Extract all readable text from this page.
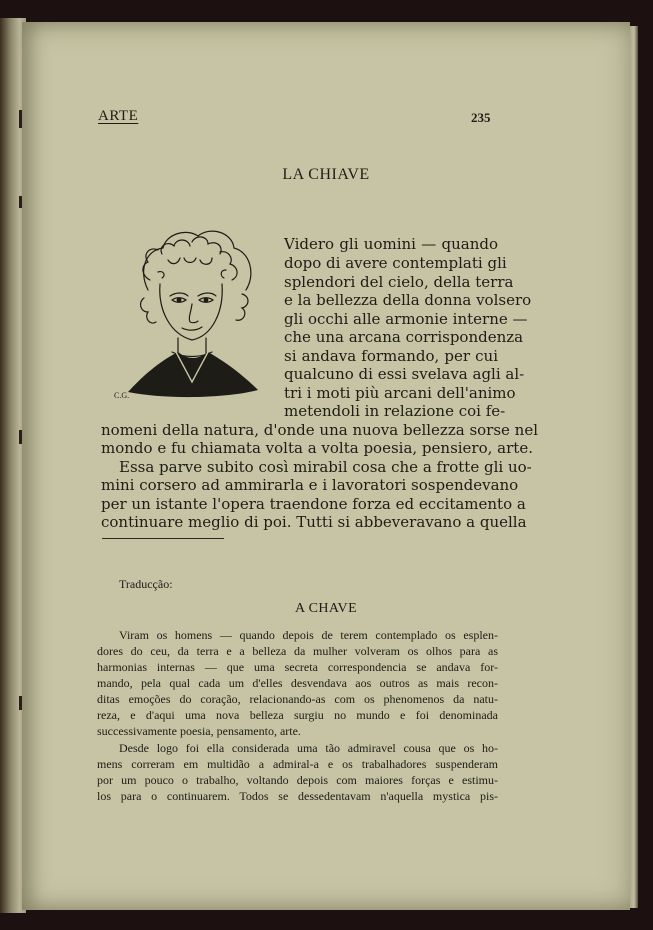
ARTE	235
LA CHIAVE
C.G.
Videro gli uomini — quando
dopo di avere contemplati gli
splendori del cielo, della terra
e la bellezza della donna volsero
gli occhi alle armonie interne —
che una arcana corrispondenza
si andava formando, per cui
qualcuno di essi svelava agli al-
tri i moti più arcani dell'animo
metendoli in relazione coi fe-
nomeni della natura, d'onde una nuova bellezza sorse nel
mondo e fu chiamata volta a volta poesia, pensiero, arte.
Essa parve subito così mirabil cosa che a frotte gli uo-
mini corsero ad ammirarla e i lavoratori sospendevano
per un istante l'opera traendone forza ed eccitamento a
continuare meglio di poi. Tutti si abbeveravano a quella
Traducção:
A CHAVE
Viram os homens — quando depois de terem contemplado os esplen-
dores do ceu, da terra e a belleza da mulher volveram os olhos para as
harmonias internas — que uma secreta correspondencia se andava for-
mando, pela qual cada um d'elles desvendava aos outros as mais recon-
ditas emoções do coração, relacionando-as com os phenomenos da natu-
reza, e d'aqui uma nova belleza surgiu no mundo e foi denominada
successivamente poesia, pensamento, arte.
Desde logo foi ella considerada uma tão admiravel cousa que os ho-
mens correram em multidão a admiral-a e os trabalhadores suspenderam
por um pouco o trabalho, voltando depois com maiores forças e estimu-
los para o continuarem. Todos se dessedentavam n'aquella mystica pis-
